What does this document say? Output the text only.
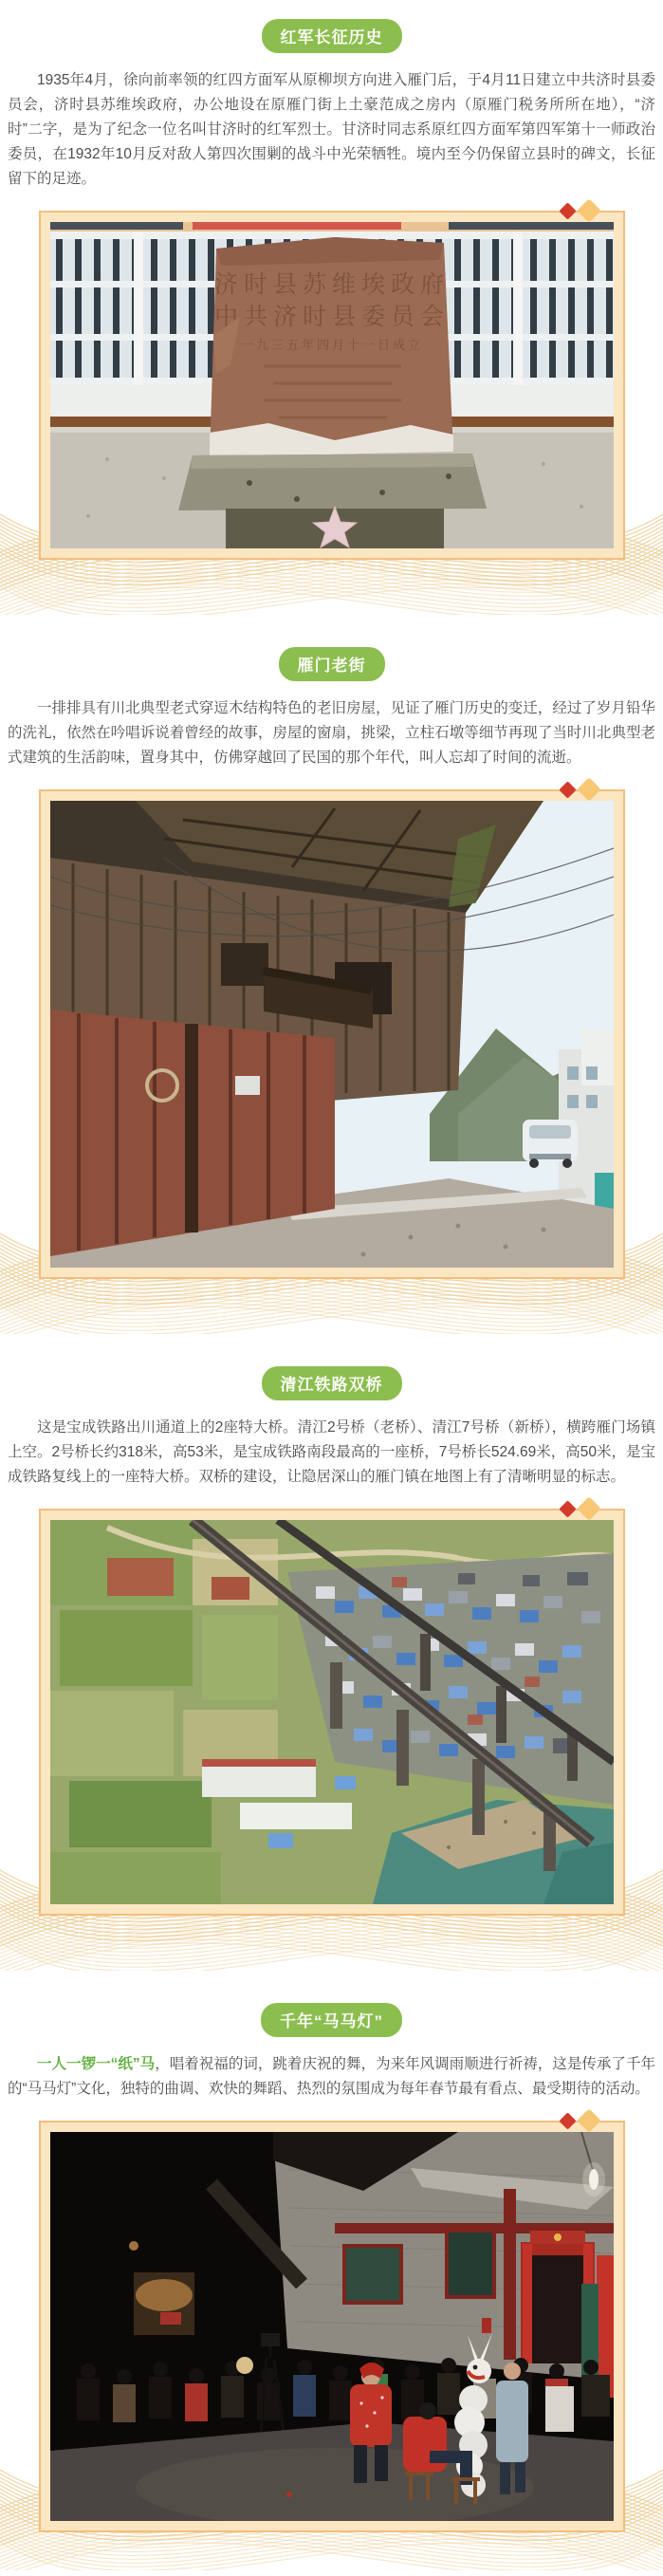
红军长征历史

1935年4月，徐向前率领的红四方面军从原柳坝方向进入雁门后，于4月11日建立中共济时县委员会，济时县苏维埃政府，办公地设在原雁门街上土豪范成之房内（原雁门税务所所在地），“济时”二字，是为了纪念一位名叫甘济时的红军烈士。甘济时同志系原红四方面军第四军第十一师政治委员，在1932年10月反对敌人第四次围剿的战斗中光荣牺牲。境内至今仍保留立县时的碑文，长征留下的足迹。

济时县苏维埃政府
中共济时县委员会
一九三五年四月十一日成立
雁门老街

一排排具有川北典型老式穿逗木结构特色的老旧房屋，见证了雁门历史的变迁，经过了岁月铅华的洗礼，依然在吟唱诉说着曾经的故事，房屋的窗扇，挑梁，立柱石墩等细节再现了当时川北典型老式建筑的生活韵味，置身其中，仿佛穿越回了民国的那个年代，叫人忘却了时间的流逝。

清江铁路双桥

这是宝成铁路出川通道上的2座特大桥。清江2号桥（老桥）、清江7号桥（新桥），横跨雁门场镇上空。2号桥长约318米，高53米，是宝成铁路南段最高的一座桥，7号桥长524.69米，高50米，是宝成铁路复线上的一座特大桥。双桥的建设，让隐居深山的雁门镇在地图上有了清晰明显的标志。

千年“马马灯”

一人一锣一“纸”马，唱着祝福的词，跳着庆祝的舞，为来年风调雨顺进行祈祷，这是传承了千年的“马马灯”文化，独特的曲调、欢快的舞蹈、热烈的氛围成为每年春节最有看点、最受期待的活动。
